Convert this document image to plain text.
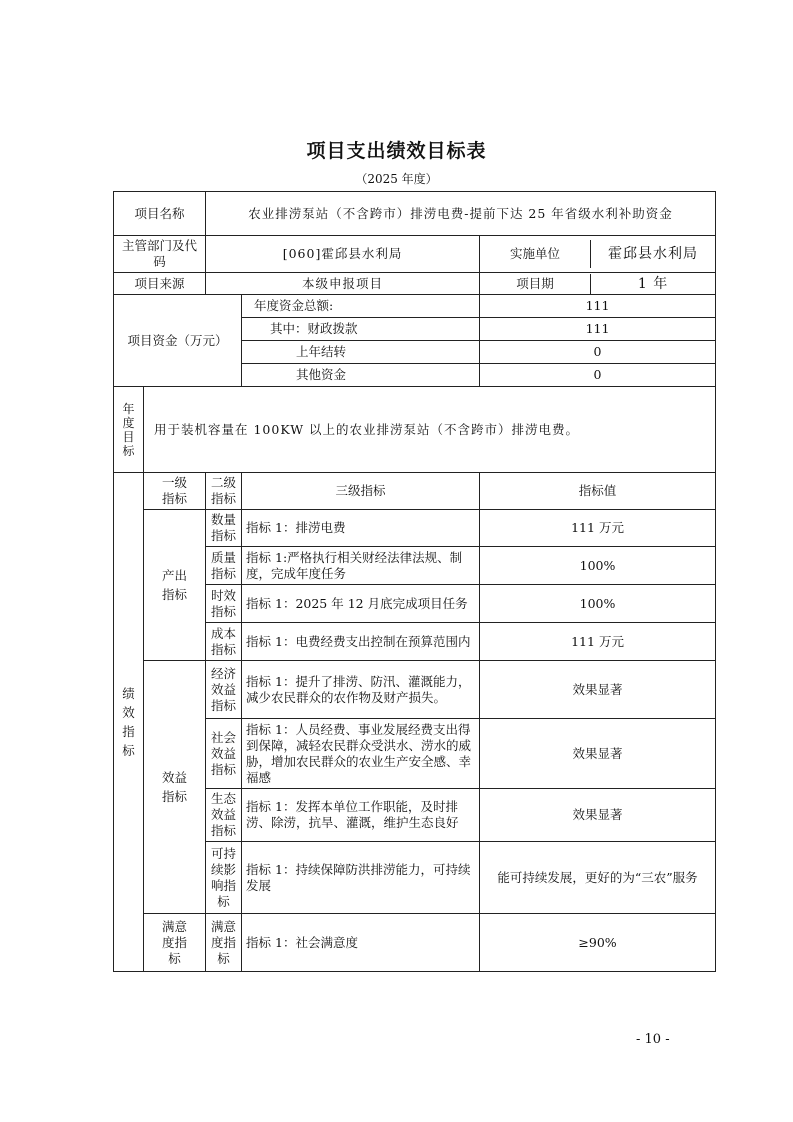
项目支出绩效目标表
（2025 年度）
项目名称		农业排涝泵站（不含跨市）排涝电费-提前下达 25 年省级水利补助资金		
主管部门及代码		[060]霍邱县水利局		实施单位 霍邱县水利局

项目来源		本级申报项目		项目期 1 年

项目资金（万元）			年度资金总额:	111
			其中：财政拨款	111
			上年结转	0
			其他资金	0
年度目标	用于装机容量在 100KW 以上的农业排涝泵站（不含跨市）排涝电费。			
绩效指标	一级指标	二级指标	三级指标	指标值
	产出指标	数量指标	指标 1：排涝电费	111 万元
		质量指标	指标 1:严格执行相关财经法律法规、制度，完成年度任务	100%
		时效指标	指标 1：2025 年 12 月底完成项目任务	100%
		成本指标	指标 1：电费经费支出控制在预算范围内	111 万元
	效益指标	经济效益指标	指标 1：提升了排涝、防汛、灌溉能力，减少农民群众的农作物及财产损失。	效果显著
		社会效益指标	指标 1：人员经费、事业发展经费支出得到保障，减轻农民群众受洪水、涝水的威胁，增加农民群众的农业生产安全感、幸福感	效果显著
		生态效益指标	指标 1：发挥本单位工作职能，及时排涝、除涝，抗旱、灌溉，维护生态良好	效果显著
		可持续影响指标	指标 1：持续保障防洪排涝能力，可持续发展	能可持续发展，更好的为“三农”服务
	满意度指标	满意度指标	指标 1：社会满意度	≥90%
- 10 -
